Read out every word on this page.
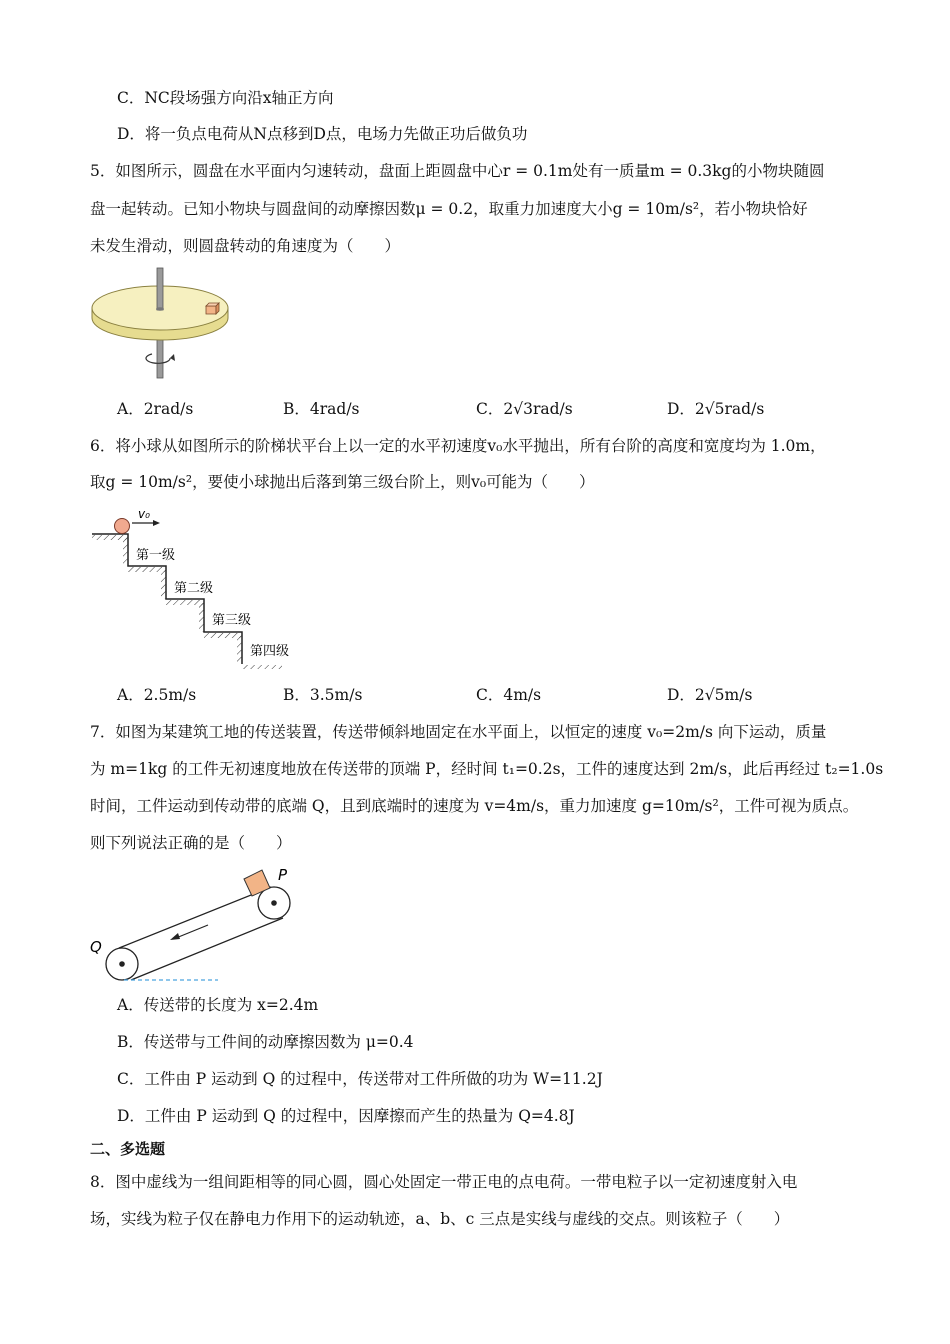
C．NC段场强方向沿x轴正方向
D．将一负点电荷从N点移到D点，电场力先做正功后做负功
5．如图所示，圆盘在水平面内匀速转动，盘面上距圆盘中心r = 0.1m处有一质量m = 0.3kg的小物块随圆
盘一起转动。已知小物块与圆盘间的动摩擦因数μ = 0.2，取重力加速度大小g = 10m/s²，若小物块恰好
未发生滑动，则圆盘转动的角速度为（　　）
A．2rad/s	B．4rad/s	C．2√3rad/s	D．2√5rad/s
6．将小球从如图所示的阶梯状平台上以一定的水平初速度v₀水平抛出，所有台阶的高度和宽度均为 1.0m，
取g = 10m/s²，要使小球抛出后落到第三级台阶上，则v₀可能为（　　）
v₀
第一级
第二级
第三级
第四级
A．2.5m/s	B．3.5m/s	C．4m/s	D．2√5m/s
7．如图为某建筑工地的传送装置，传送带倾斜地固定在水平面上，以恒定的速度 v₀=2m/s 向下运动，质量
为 m=1kg 的工件无初速度地放在传送带的顶端 P，经时间 t₁=0.2s，工件的速度达到 2m/s，此后再经过 t₂=1.0s
时间，工件运动到传动带的底端 Q，且到底端时的速度为 v=4m/s，重力加速度 g=10m/s²，工件可视为质点。
则下列说法正确的是（　　）
P
Q
A．传送带的长度为 x=2.4m
B．传送带与工件间的动摩擦因数为 μ=0.4
C．工件由 P 运动到 Q 的过程中，传送带对工件所做的功为 W=11.2J
D．工件由 P 运动到 Q 的过程中，因摩擦而产生的热量为 Q=4.8J
二、多选题
8．图中虚线为一组间距相等的同心圆，圆心处固定一带正电的点电荷。一带电粒子以一定初速度射入电
场，实线为粒子仅在静电力作用下的运动轨迹，a、b、c 三点是实线与虚线的交点。则该粒子（　　）
